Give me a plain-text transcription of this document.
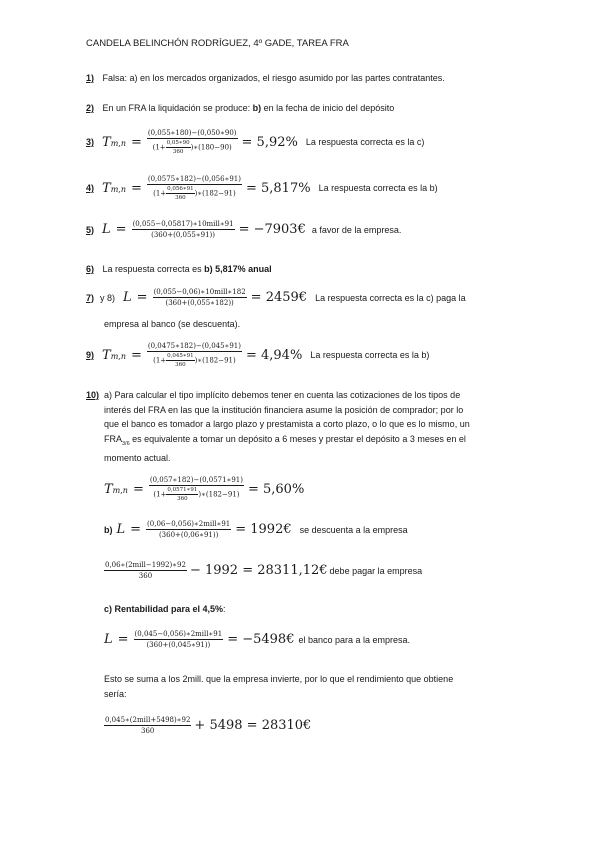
CANDELA BELINCHÓN RODRÍGUEZ, 4º GADE, TAREA FRA
1) Falsa: a) en los mercados organizados, el riesgo asumido por las partes contratantes.
2) En un FRA la liquidación se produce: b) en la fecha de inicio del depósito
3) $Tm,n = \frac{(0,055∗180)-(0,050∗90)}{(1+ \frac{0,05∗90}{360} )∗(180-90)} = 5,92\%$ La respuesta correcta es la c)
4) $Tm,n = \frac{(0,0575∗182)-(0,056∗91)}{(1+ \frac{0,056∗91}{360} )∗(182-91)} = 5,817\%$ La respuesta correcta es la b)
5) $L = \frac{\text{(0,055−0,05817)∗10mill∗91}}{(360+(0,055∗91))}$ = −7903€ a favor de la empresa.
6) La respuesta correcta es b) 5,817% anual
7) y 8) $L = \frac{\text{(0,055−0,06)∗10mill∗182}}{(360+(0,055∗182))}$ = 2459€ La respuesta correcta es la c) paga la
empresa al banco (se descuenta).
9) $Tm,n = \frac{(0,0475∗182)-(0,045∗91)}{(1+ \frac{0,045∗91}{360} )∗(182-91)} = 4,94\%$ La respuesta correcta es la b)
10) a) Para calcular el tipo implícito debemos tener en cuenta las cotizaciones de los tipos de
interés del FRA en las que la institución financiera asume la posición de comprador; por lo
que el banco es tomador a largo plazo y prestamista a corto plazo, o lo que es lo mismo, un
$FRA_{3/6}$ es equivalente a tomar un depósito a 6 meses y prestar el depósito a 3 meses en el
momento actual.
$Tm,n = \frac{(0,057∗182)-(0,0571∗91)}{(1+ \frac{0,0571∗91}{360} )∗(182-91)} = 5,60\%$
b) $L = \frac{\text{(0,06−0,056)∗2mill∗91}}{(360+(0,06∗91))}$ = 1992€ se descuenta a la empresa
$\frac{\text{0,06∗(2mill−1992)∗92}}{360} - 1992$ = 28311,12€ debe pagar la empresa
c) Rentabilidad para el 4,5%:
$L = \frac{\text{(0,045−0,056)∗2mill∗91}}{(360+(0,045∗91))}$ = −5498€ el banco para a la empresa.
Esto se suma a los 2mill. que la empresa invierte, por lo que el rendimiento que obtiene
sería:
$\frac{\text{0,045∗(2mill+5498)∗92}}{360} + 5498$ = 28310€
